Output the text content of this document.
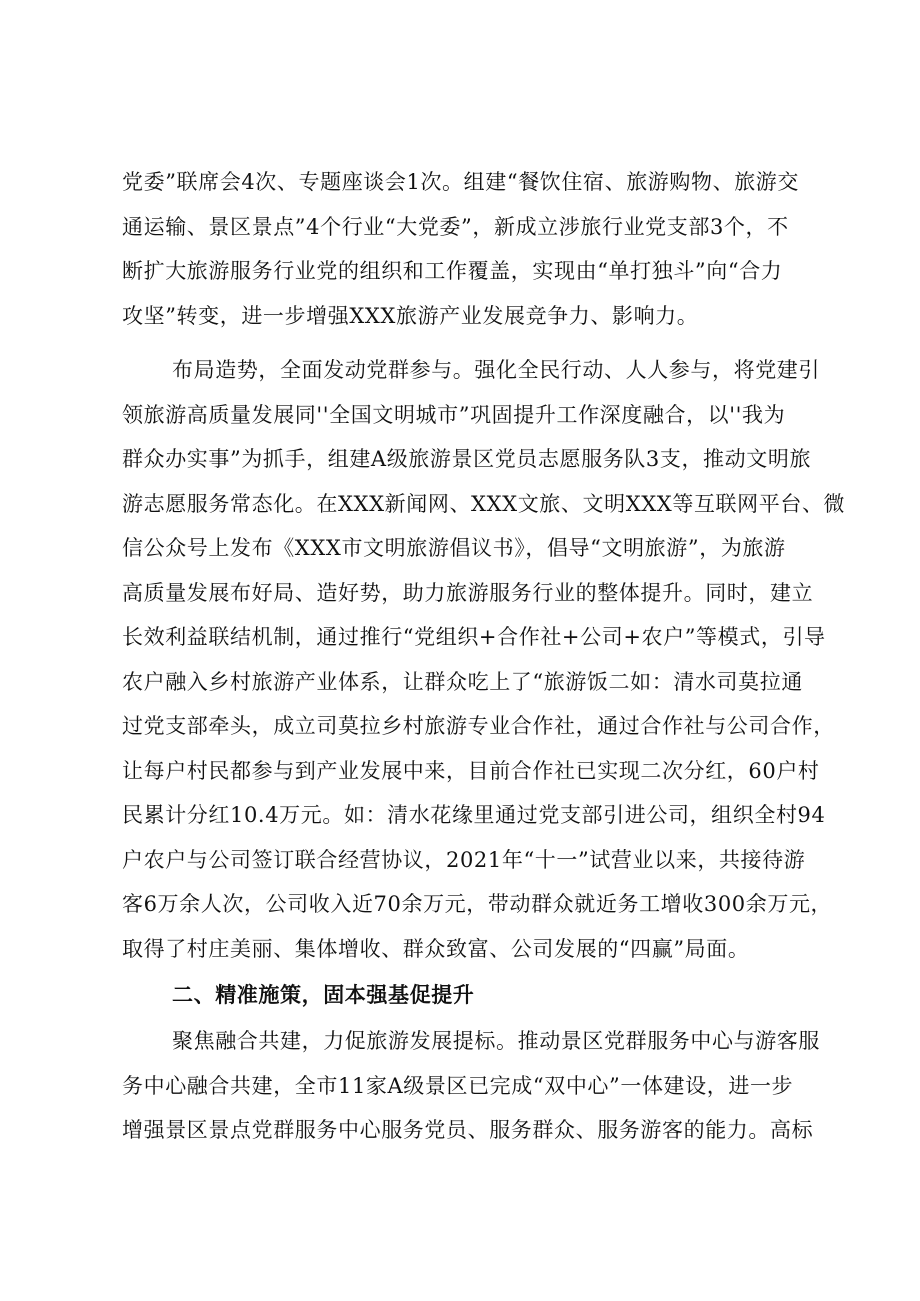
党委”联席会4次、专题座谈会1次。组建“餐饮住宿、旅游购物、旅游交
通运输、景区景点”4个行业“大党委”，新成立涉旅行业党支部3个，不
断扩大旅游服务行业党的组织和工作覆盖，实现由“单打独斗”向“合力
攻坚”转变，进一步增强XXX旅游产业发展竞争力、影响力。
布局造势，全面发动党群参与。强化全民行动、人人参与，将党建引
领旅游高质量发展同''全国文明城市”巩固提升工作深度融合，以''我为
群众办实事”为抓手，组建A级旅游景区党员志愿服务队3支，推动文明旅
游志愿服务常态化。在XXX新闻网、XXX文旅、文明XXX等互联网平台、微
信公众号上发布《XXX市文明旅游倡议书》，倡导“文明旅游”，为旅游
高质量发展布好局、造好势，助力旅游服务行业的整体提升。同时，建立
长效利益联结机制，通过推行“党组织+合作社+公司+农户”等模式，引导
农户融入乡村旅游产业体系，让群众吃上了“旅游饭二如：清水司莫拉通
过党支部牵头，成立司莫拉乡村旅游专业合作社，通过合作社与公司合作，
让每户村民都参与到产业发展中来，目前合作社已实现二次分红，60户村
民累计分红10.4万元。如：清水花缘里通过党支部引进公司，组织全村94
户农户与公司签订联合经营协议，2021年“十一”试营业以来，共接待游
客6万余人次，公司收入近70余万元，带动群众就近务工增收300余万元，
取得了村庄美丽、集体增收、群众致富、公司发展的“四赢”局面。
二、精准施策，固本强基促提升
聚焦融合共建，力促旅游发展提标。推动景区党群服务中心与游客服
务中心融合共建，全市11家A级景区已完成“双中心”一体建设，进一步
增强景区景点党群服务中心服务党员、服务群众、服务游客的能力。高标
